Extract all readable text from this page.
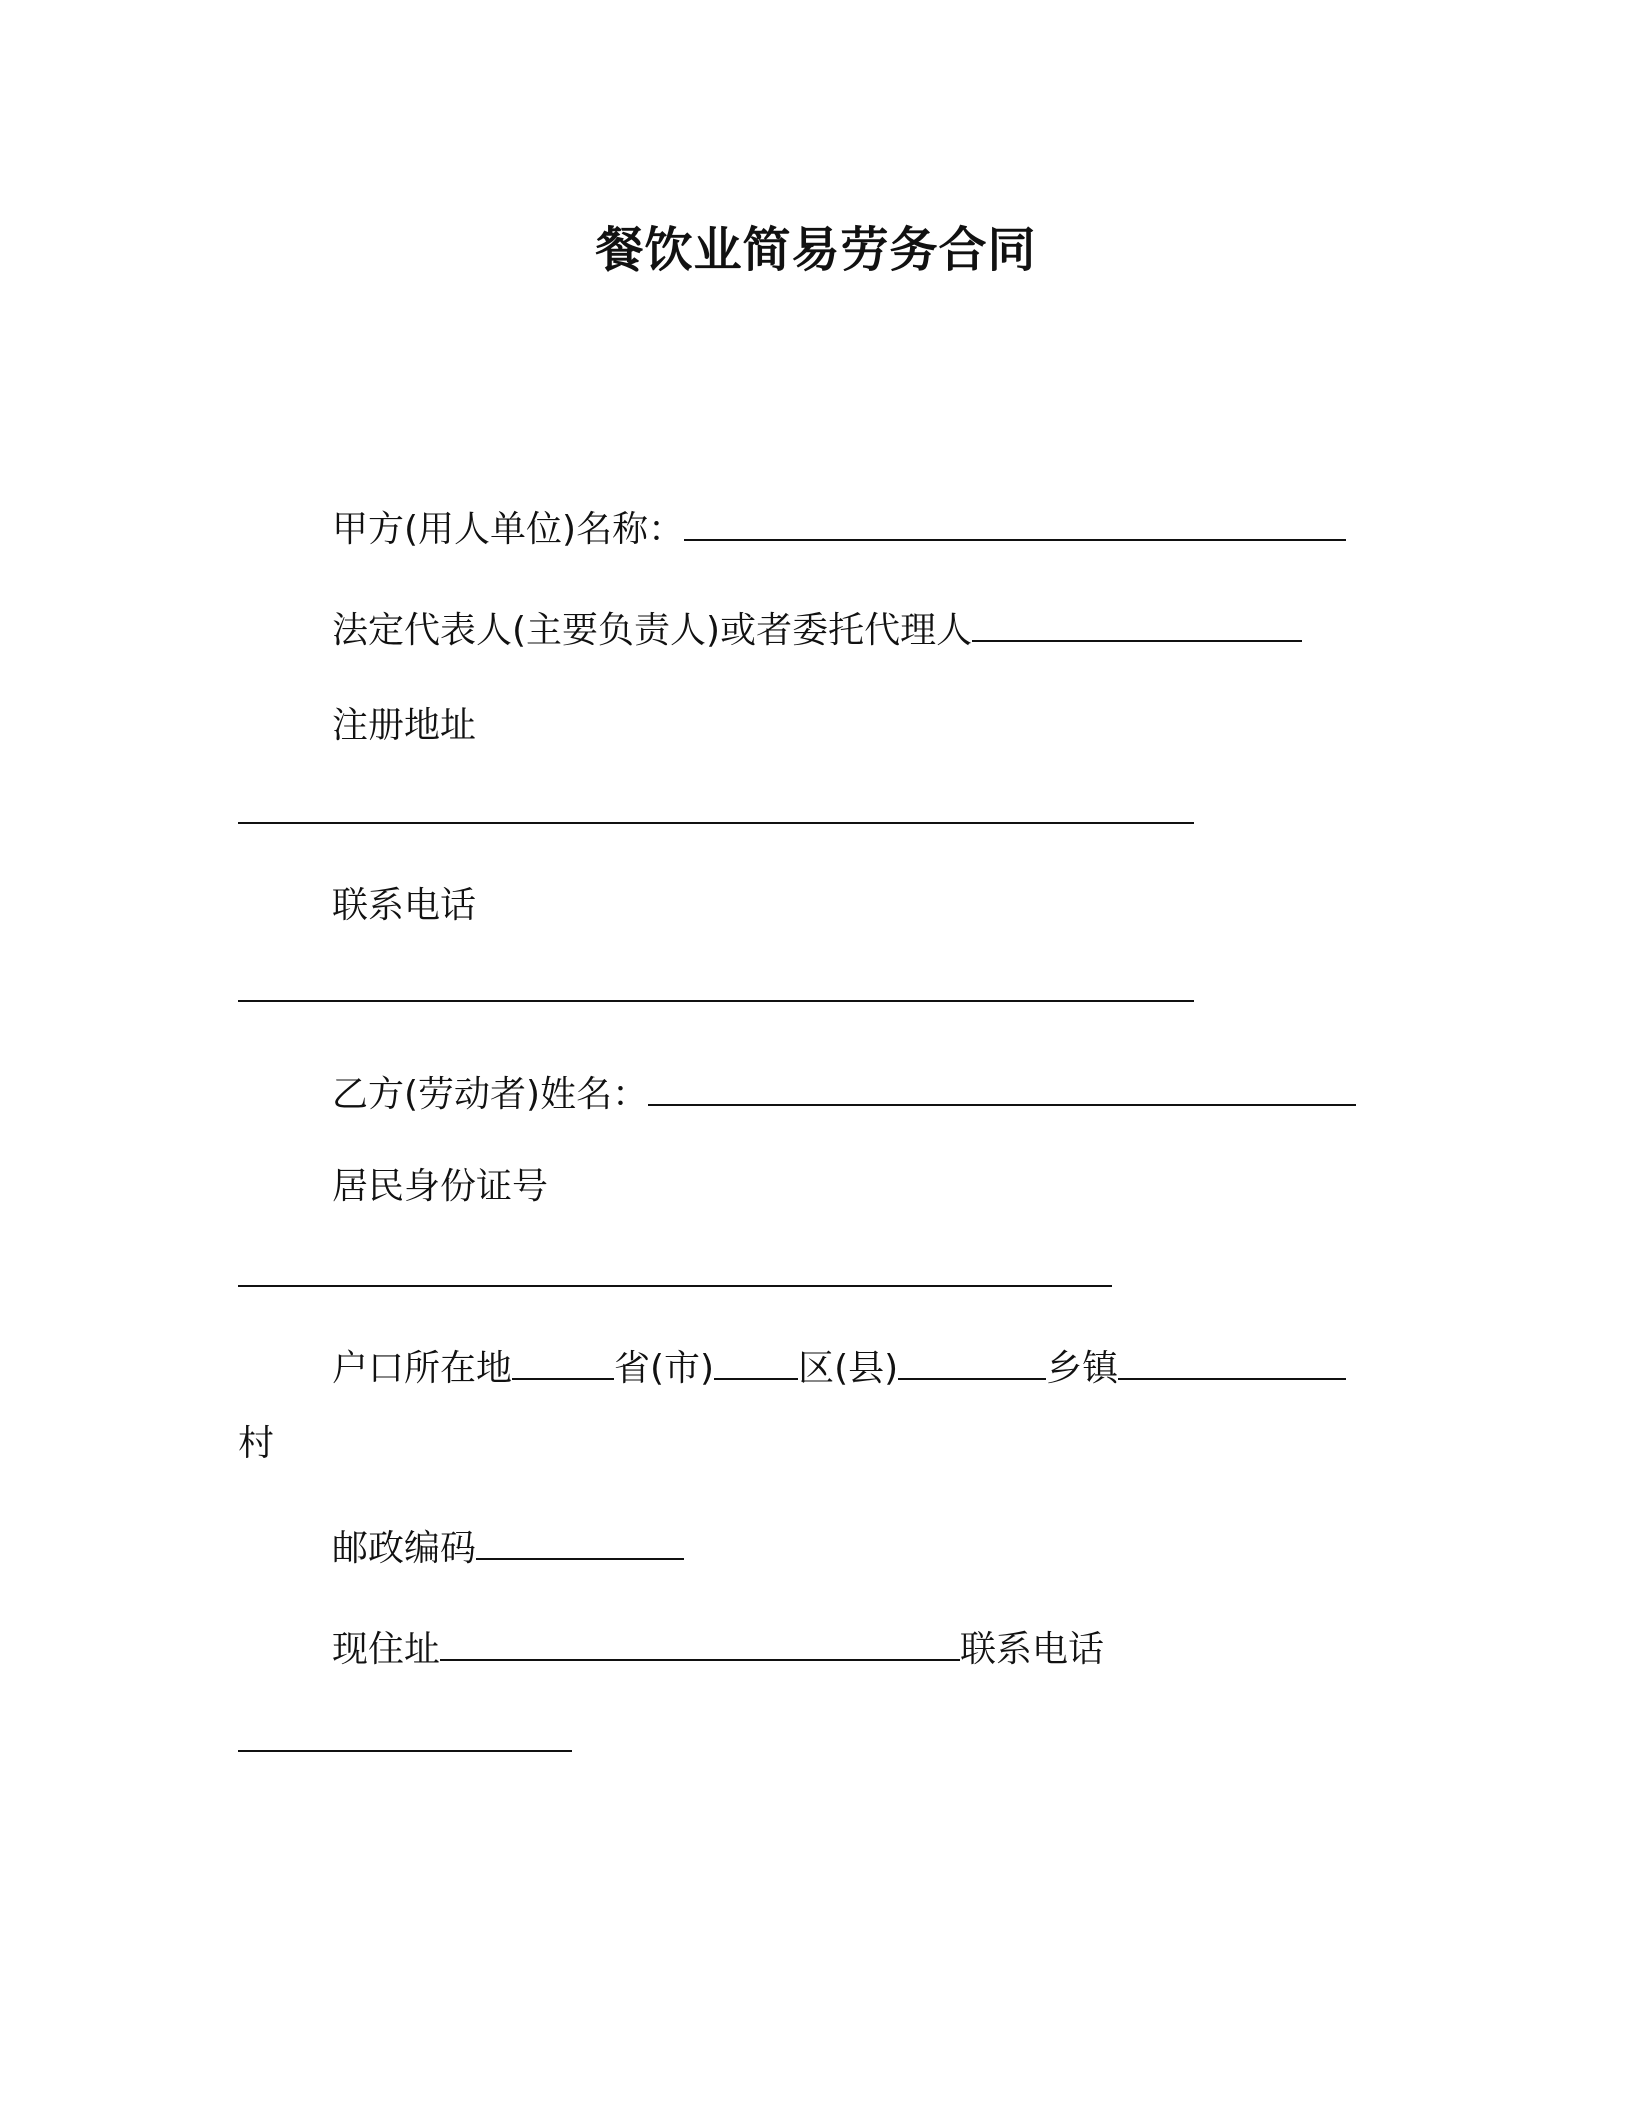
餐饮业简易劳务合同
甲方(用人单位)名称：
法定代表人(主要负责人)或者委托代理人
注册地址
联系电话
乙方(劳动者)姓名：
居民身份证号
户口所在地	省(市) 区(县)	乡镇
村
邮政编码
现住址	联系电话
